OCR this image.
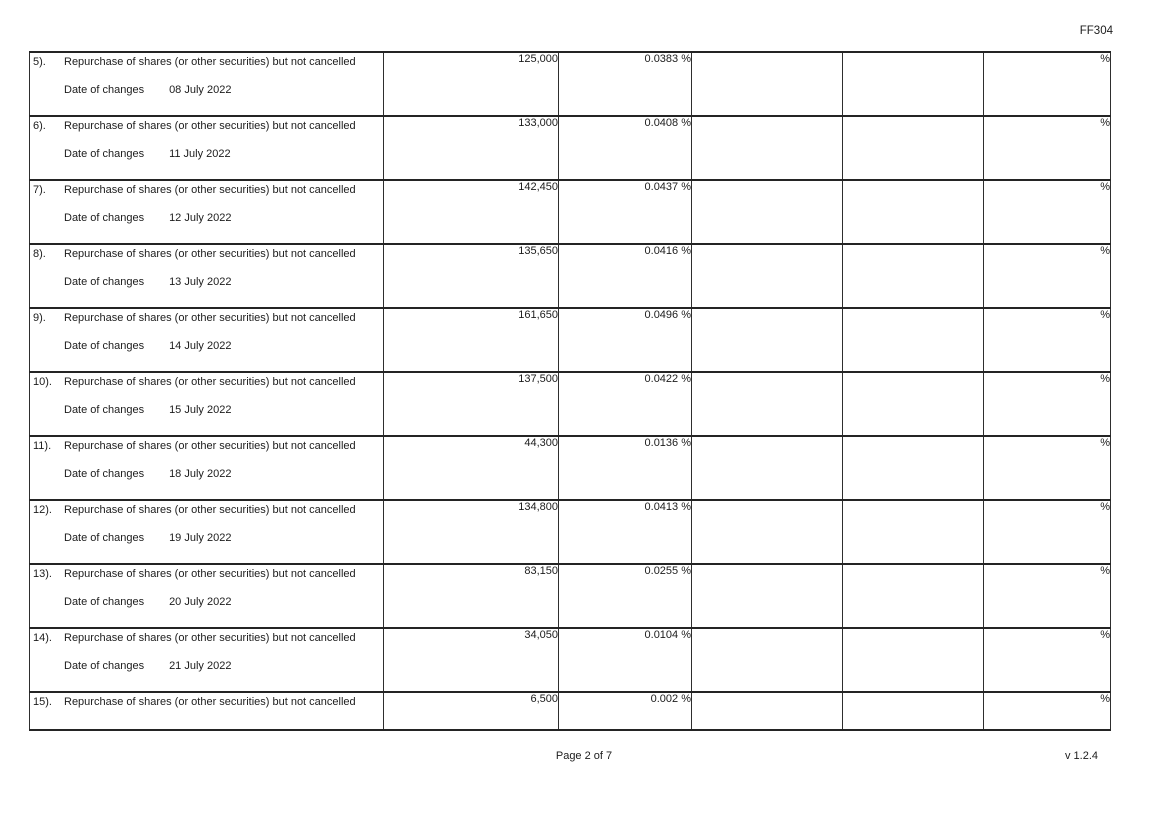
FF304
5). Repurchase of shares (or other securities) but not cancelled
Date of changes 08 July 2022	125,000	0.0383 %			%

6). Repurchase of shares (or other securities) but not cancelled
Date of changes 11 July 2022	133,000	0.0408 %			%

7). Repurchase of shares (or other securities) but not cancelled
Date of changes 12 July 2022	142,450	0.0437 %			%

8). Repurchase of shares (or other securities) but not cancelled
Date of changes 13 July 2022	135,650	0.0416 %			%

9). Repurchase of shares (or other securities) but not cancelled
Date of changes 14 July 2022	161,650	0.0496 %			%

10). Repurchase of shares (or other securities) but not cancelled
Date of changes 15 July 2022	137,500	0.0422 %			%

11). Repurchase of shares (or other securities) but not cancelled
Date of changes 18 July 2022	44,300	0.0136 %			%

12). Repurchase of shares (or other securities) but not cancelled
Date of changes 19 July 2022	134,800	0.0413 %			%

13). Repurchase of shares (or other securities) but not cancelled
Date of changes 20 July 2022	83,150	0.0255 %			%

14). Repurchase of shares (or other securities) but not cancelled
Date of changes 21 July 2022	34,050	0.0104 %			%

15). Repurchase of shares (or other securities) but not cancelled	6,500	0.002 %			%
Page 2 of 7	v 1.2.4
